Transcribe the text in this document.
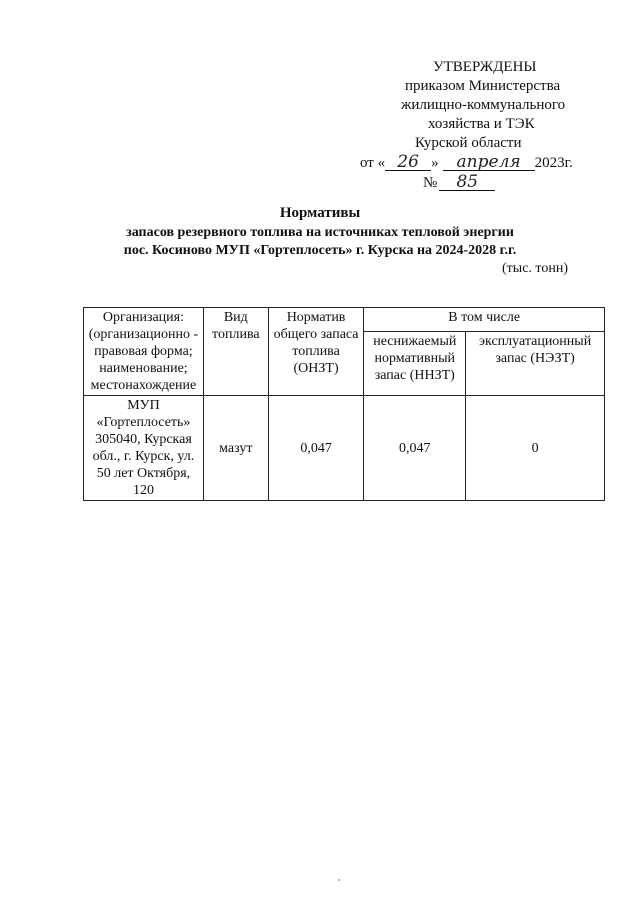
УТВЕРЖДЕНЫ
приказом Министерства
жилищно-коммунального
хозяйства и ТЭК
Курской области
от « 26 » апреля 2023г.
№ 85
Нормативы
запасов резервного топлива на источниках тепловой энергии
пос. Косиново МУП «Гортеплосеть» г. Курска на 2024-2028 г.г.
(тыс. тонн)
Организация: (организационно - правовая форма; наименование; местонахождение	Вид топлива	Норматив общего запаса топлива (ОНЗТ)	В том числе	
			неснижаемый нормативный запас (ННЗТ)	эксплуатационный запас (НЭЗТ)
МУП «Гортеплосеть» 305040, Курская обл., г. Курск, ул. 50 лет Октября, 120	мазут	0,047	0,047	0
